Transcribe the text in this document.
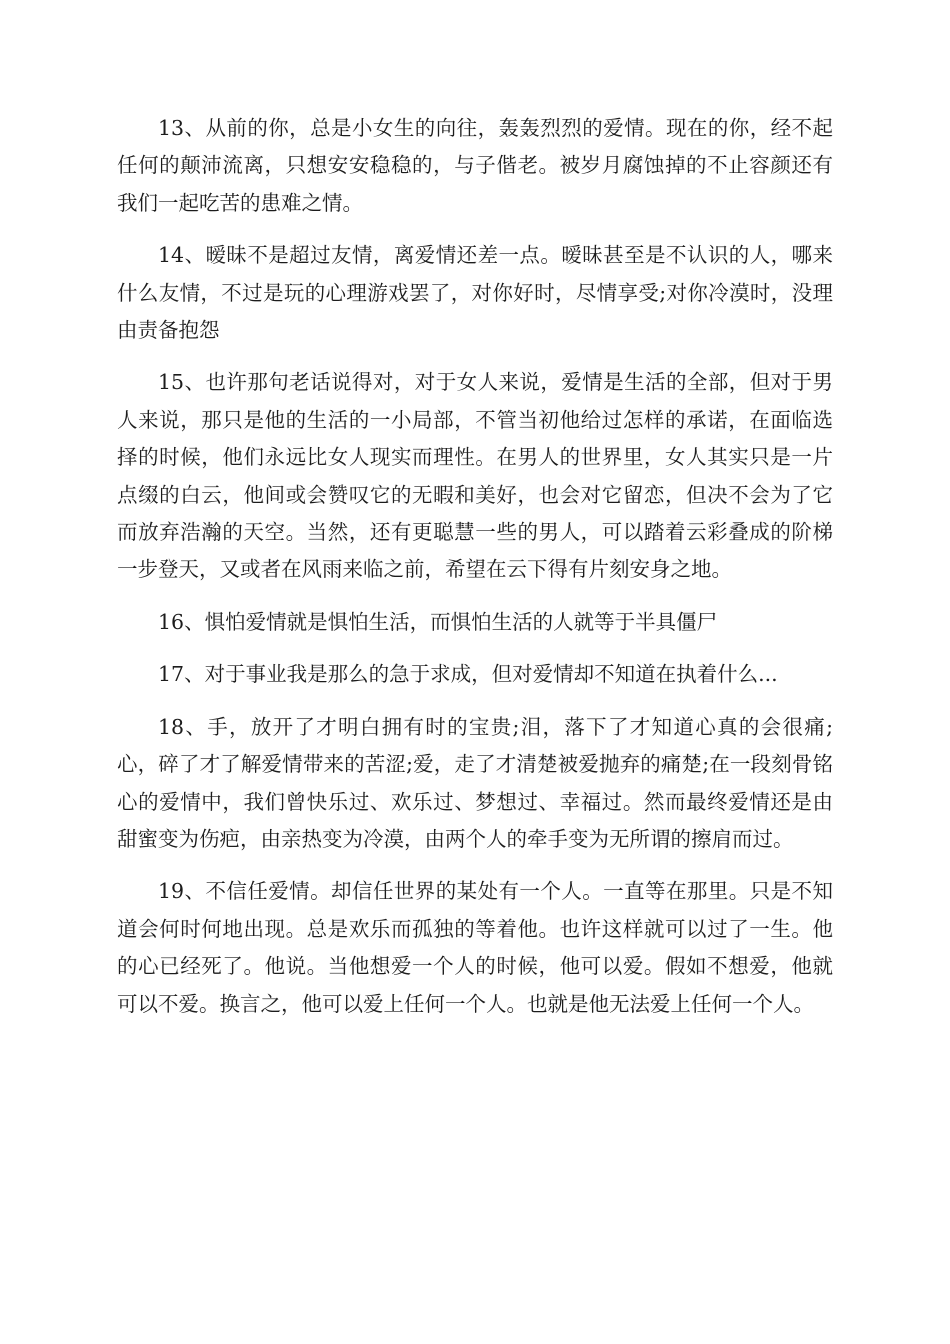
13、从前的你，总是小女生的向往，轰轰烈烈的爱情。现在的你，经不起任何的颠沛流离，只想安安稳稳的，与子偕老。被岁月腐蚀掉的不止容颜还有我们一起吃苦的患难之情。

14、暧昧不是超过友情，离爱情还差一点。暧昧甚至是不认识的人，哪来什么友情，不过是玩的心理游戏罢了，对你好时，尽情享受;对你冷漠时，没理由责备抱怨

15、也许那句老话说得对，对于女人来说，爱情是生活的全部，但对于男人来说，那只是他的生活的一小局部，不管当初他给过怎样的承诺，在面临选择的时候，他们永远比女人现实而理性。在男人的世界里，女人其实只是一片点缀的白云，他间或会赞叹它的无暇和美好，也会对它留恋，但决不会为了它而放弃浩瀚的天空。当然，还有更聪慧一些的男人，可以踏着云彩叠成的阶梯一步登天，又或者在风雨来临之前，希望在云下得有片刻安身之地。

16、惧怕爱情就是惧怕生活，而惧怕生活的人就等于半具僵尸

17、对于事业我是那么的急于求成，但对爱情却不知道在执着什么...

18、手，放开了才明白拥有时的宝贵;泪，落下了才知道心真的会很痛;心，碎了才了解爱情带来的苦涩;爱，走了才清楚被爱抛弃的痛楚;在一段刻骨铭心的爱情中，我们曾快乐过、欢乐过、梦想过、幸福过。然而最终爱情还是由甜蜜变为伤疤，由亲热变为冷漠，由两个人的牵手变为无所谓的擦肩而过。

19、不信任爱情。却信任世界的某处有一个人。一直等在那里。只是不知道会何时何地出现。总是欢乐而孤独的等着他。也许这样就可以过了一生。他的心已经死了。他说。当他想爱一个人的时候，他可以爱。假如不想爱，他就可以不爱。换言之，他可以爱上任何一个人。也就是他无法爱上任何一个人。
